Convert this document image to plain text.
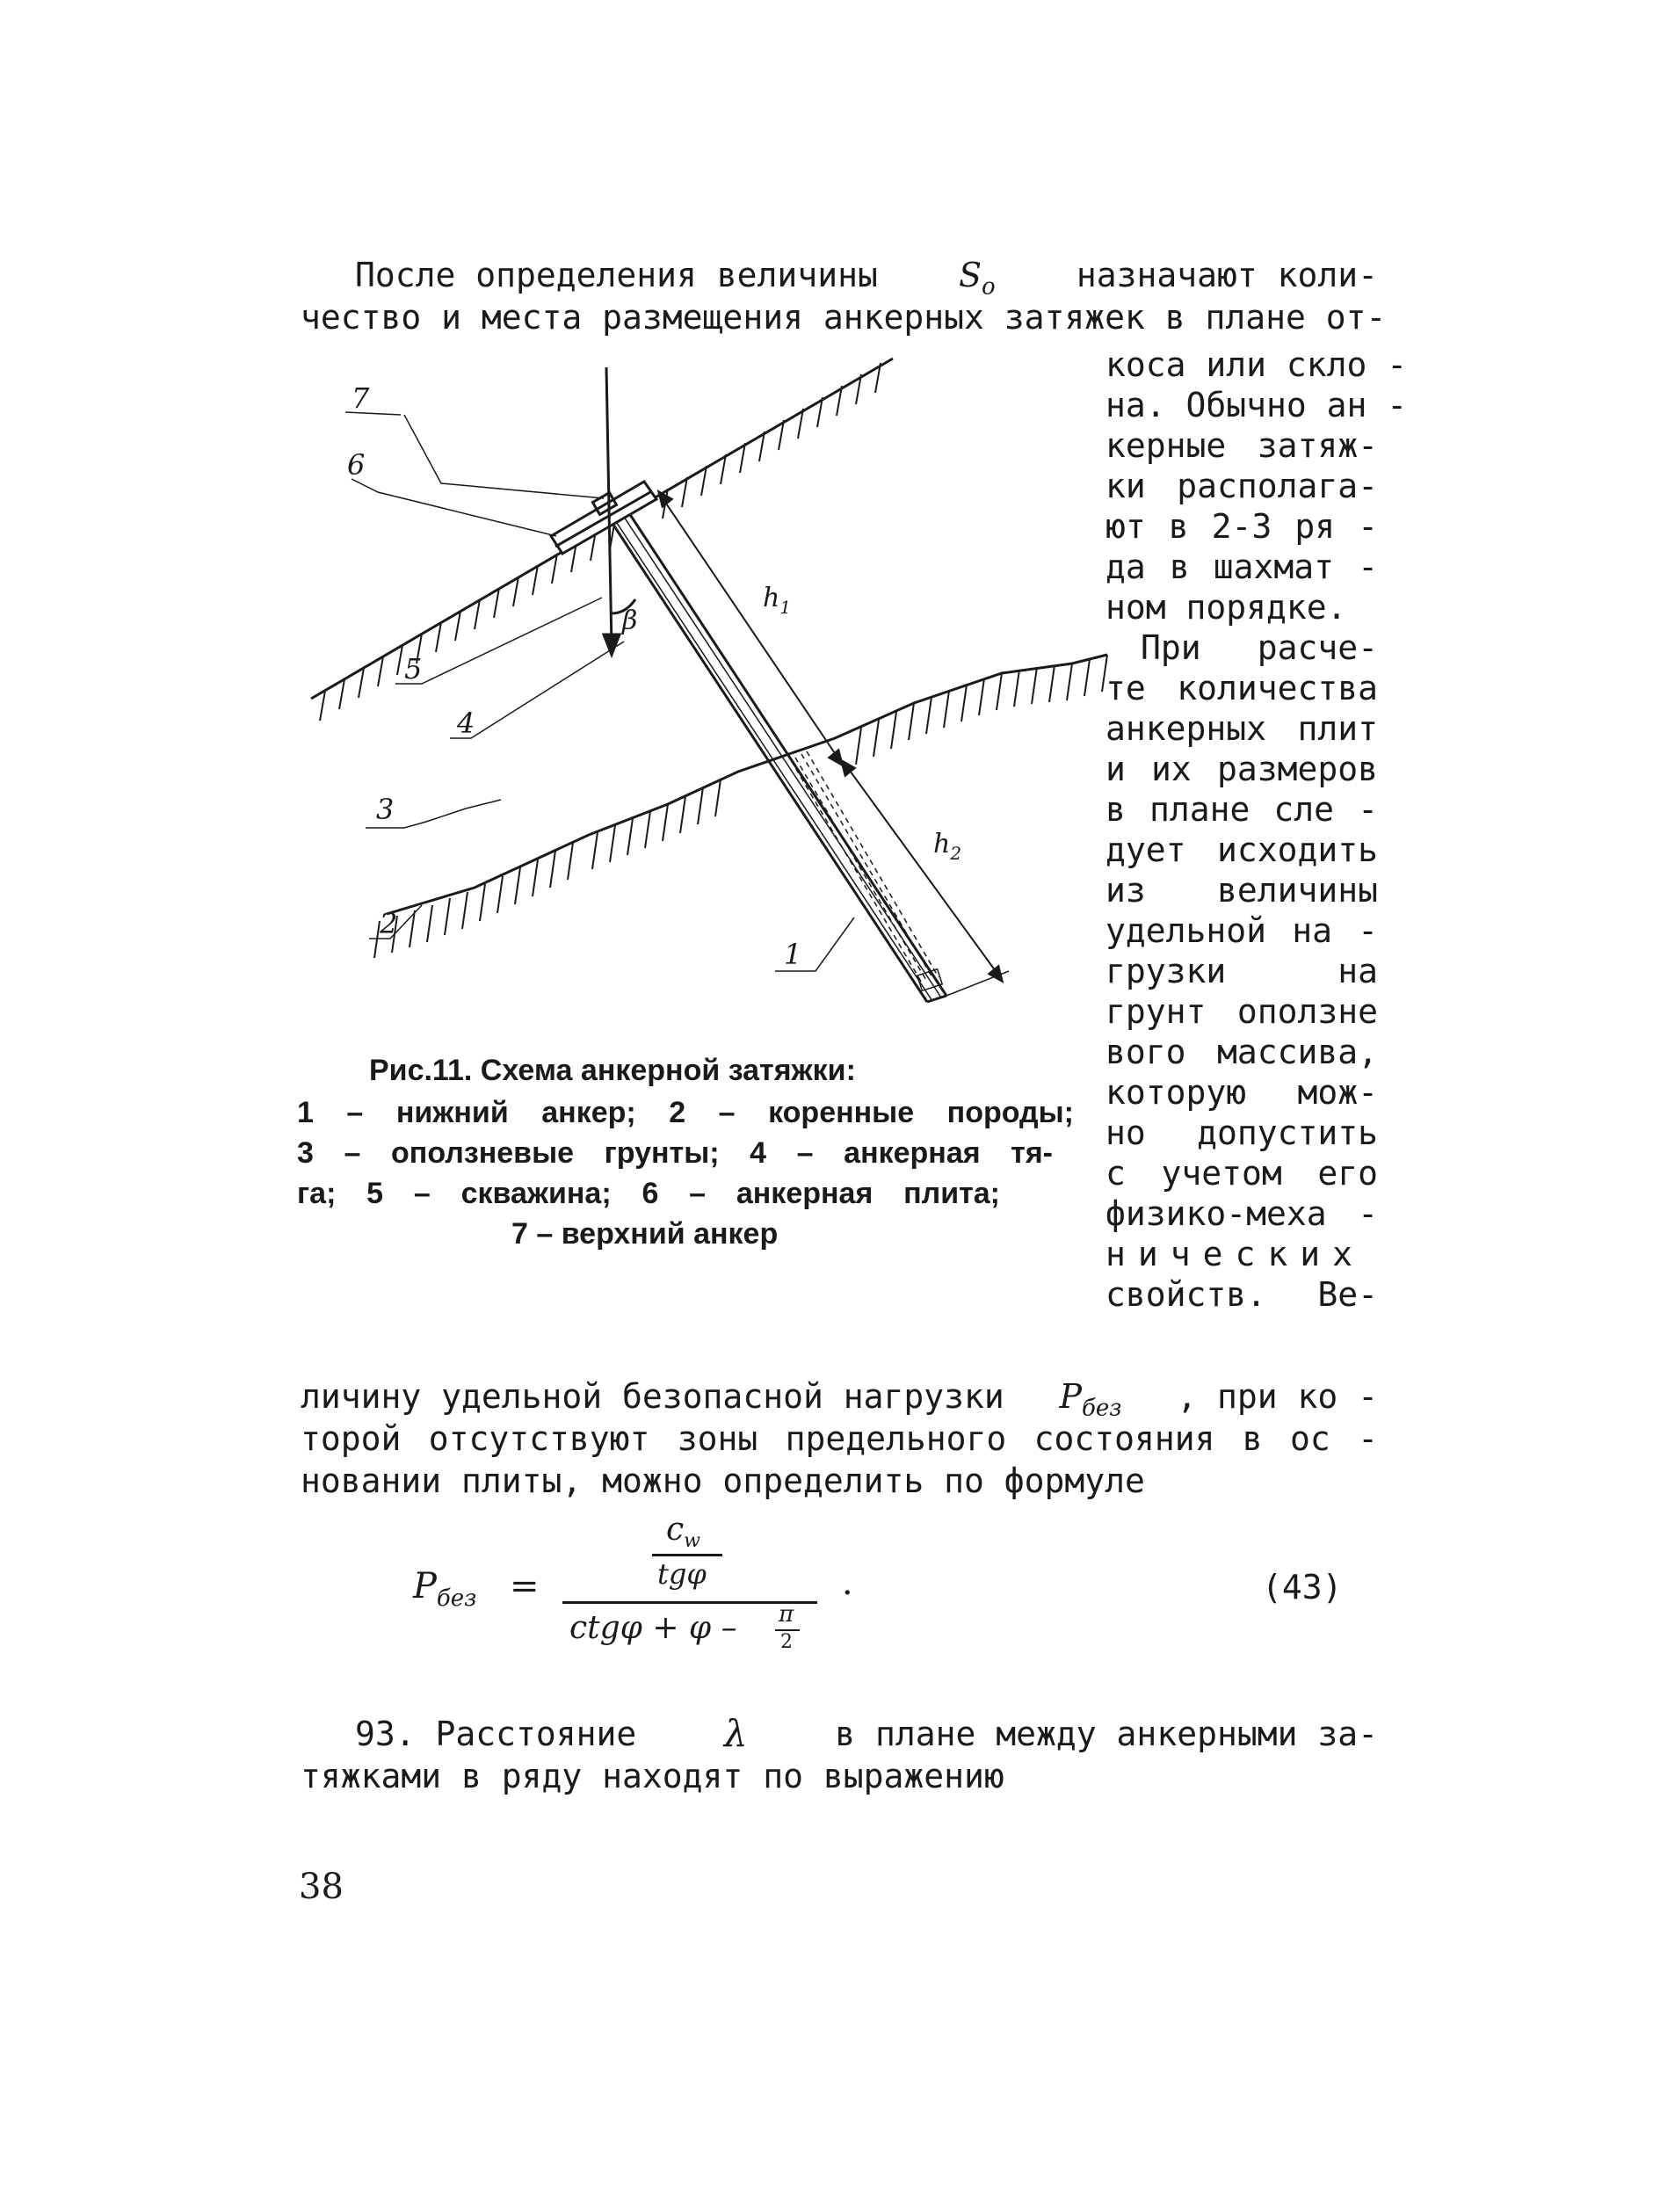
После определения величины $S_o$ назначают коли-
чество и места размещения анкерных затяжек в плане от-
коса или скло -
на. Обычно ан -
керные затяж-
ки располага-
ют в 2-3 ря -
да в шахмат -
ном порядке.
При расче-
те количества
анкерных плит
и их размеров
в плане сле -
дует исходить
из величины
удельной на -
грузки на
грунт оползне
вого массива,
которую мож-
но допустить
с учетом его
физико-меха -
нических
свойств. Ве-
7
6
5
4
3
2
1
β
$h_1$
$h_2$
Рис.11. Схема анкерной затяжки:
1 – нижний анкер; 2 – коренные породы;
3 – оползневые грунты; 4 – анкерная тя-
га; 5 – скважина; 6 – анкерная плита;
7 – верхний анкер
личину удельной безопасной нагрузки $P_{без}$ , при ко -
торой отсутствуют зоны предельного состояния в ос -
новании плиты, можно определить по формуле
$P_{без}$ =
$c_w$
tgφ
ctgφ + φ – π
2
·	(43)
93. Расстояние λ	в плане между анкерными за-
тяжками в ряду находят по выражению
38
